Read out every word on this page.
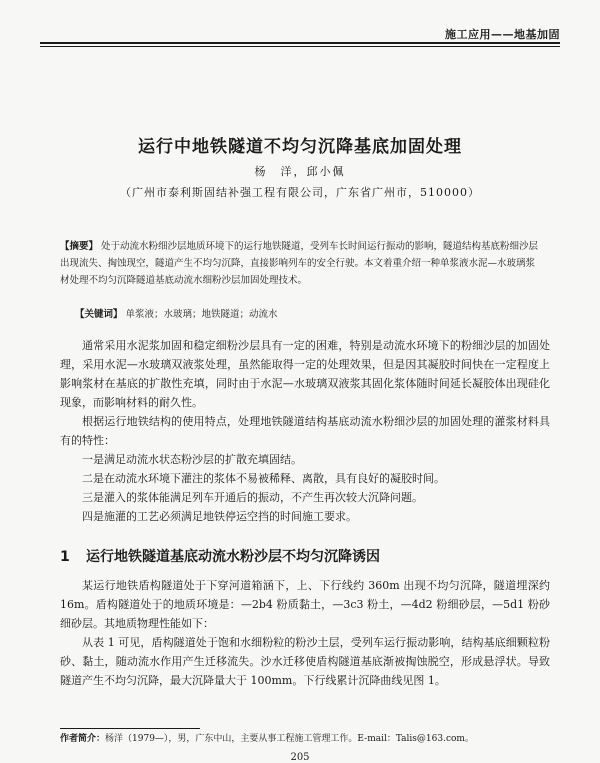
施工应用——地基加固
运行中地铁隧道不均匀沉降基底加固处理
杨　洋，邱小佩
（广州市泰利斯固结补强工程有限公司，广东省广州市，510000）
【摘要】 处于动流水粉细沙层地质环境下的运行地铁隧道，受列车长时间运行振动的影响，隧道结构基底粉细沙层出现流失、掏蚀现空，隧道产生不均匀沉降，直接影响列车的安全行驶。本文着重介绍一种单浆液水泥—水玻璃浆材处理不均匀沉降隧道基底动流水细粉沙层加固处理技术。
【关键词】 单浆液；水玻璃；地铁隧道；动流水

通常采用水泥浆加固和稳定细粉沙层具有一定的困难，特别是动流水环境下的粉细沙层的加固处理，采用水泥—水玻璃双液浆处理，虽然能取得一定的处理效果，但是因其凝胶时间快在一定程度上影响浆材在基底的扩散性充填，同时由于水泥—水玻璃双液浆其固化浆体随时间延长凝胶体出现硅化现象，而影响材料的耐久性。

根据运行地铁结构的使用特点，处理地铁隧道结构基底动流水粉细沙层的加固处理的灌浆材料具有的特性：

一是满足动流水状态粉沙层的扩散充填固结。

二是在动流水环境下灌注的浆体不易被稀释、离散，具有良好的凝胶时间。

三是灌入的浆体能满足列车开通后的振动，不产生再次较大沉降问题。

四是施灌的工艺必须满足地铁停运空挡的时间施工要求。

1 运行地铁隧道基底动流水粉沙层不均匀沉降诱因

某运行地铁盾构隧道处于下穿河道箱涵下，上、下行线约 360m 出现不均匀沉降，隧道埋深约 16m。盾构隧道处于的地质环境是：—2b4 粉质黏土，—3c3 粉土，—4d2 粉细砂层，—5d1 粉砂细砂层。其地质物理性能如下：

从表 1 可见，盾构隧道处于饱和水细粉粒的粉沙土层，受列车运行振动影响，结构基底细颗粒粉砂、黏土，随动流水作用产生迁移流失。沙水迁移使盾构隧道基底渐被掏蚀脱空，形成悬浮状。导致隧道产生不均匀沉降，最大沉降量大于 100mm。下行线累计沉降曲线见图 1。

作者简介：杨洋（1979—），男，广东中山，主要从事工程施工管理工作。E-mail：Talis@163.com。
205
